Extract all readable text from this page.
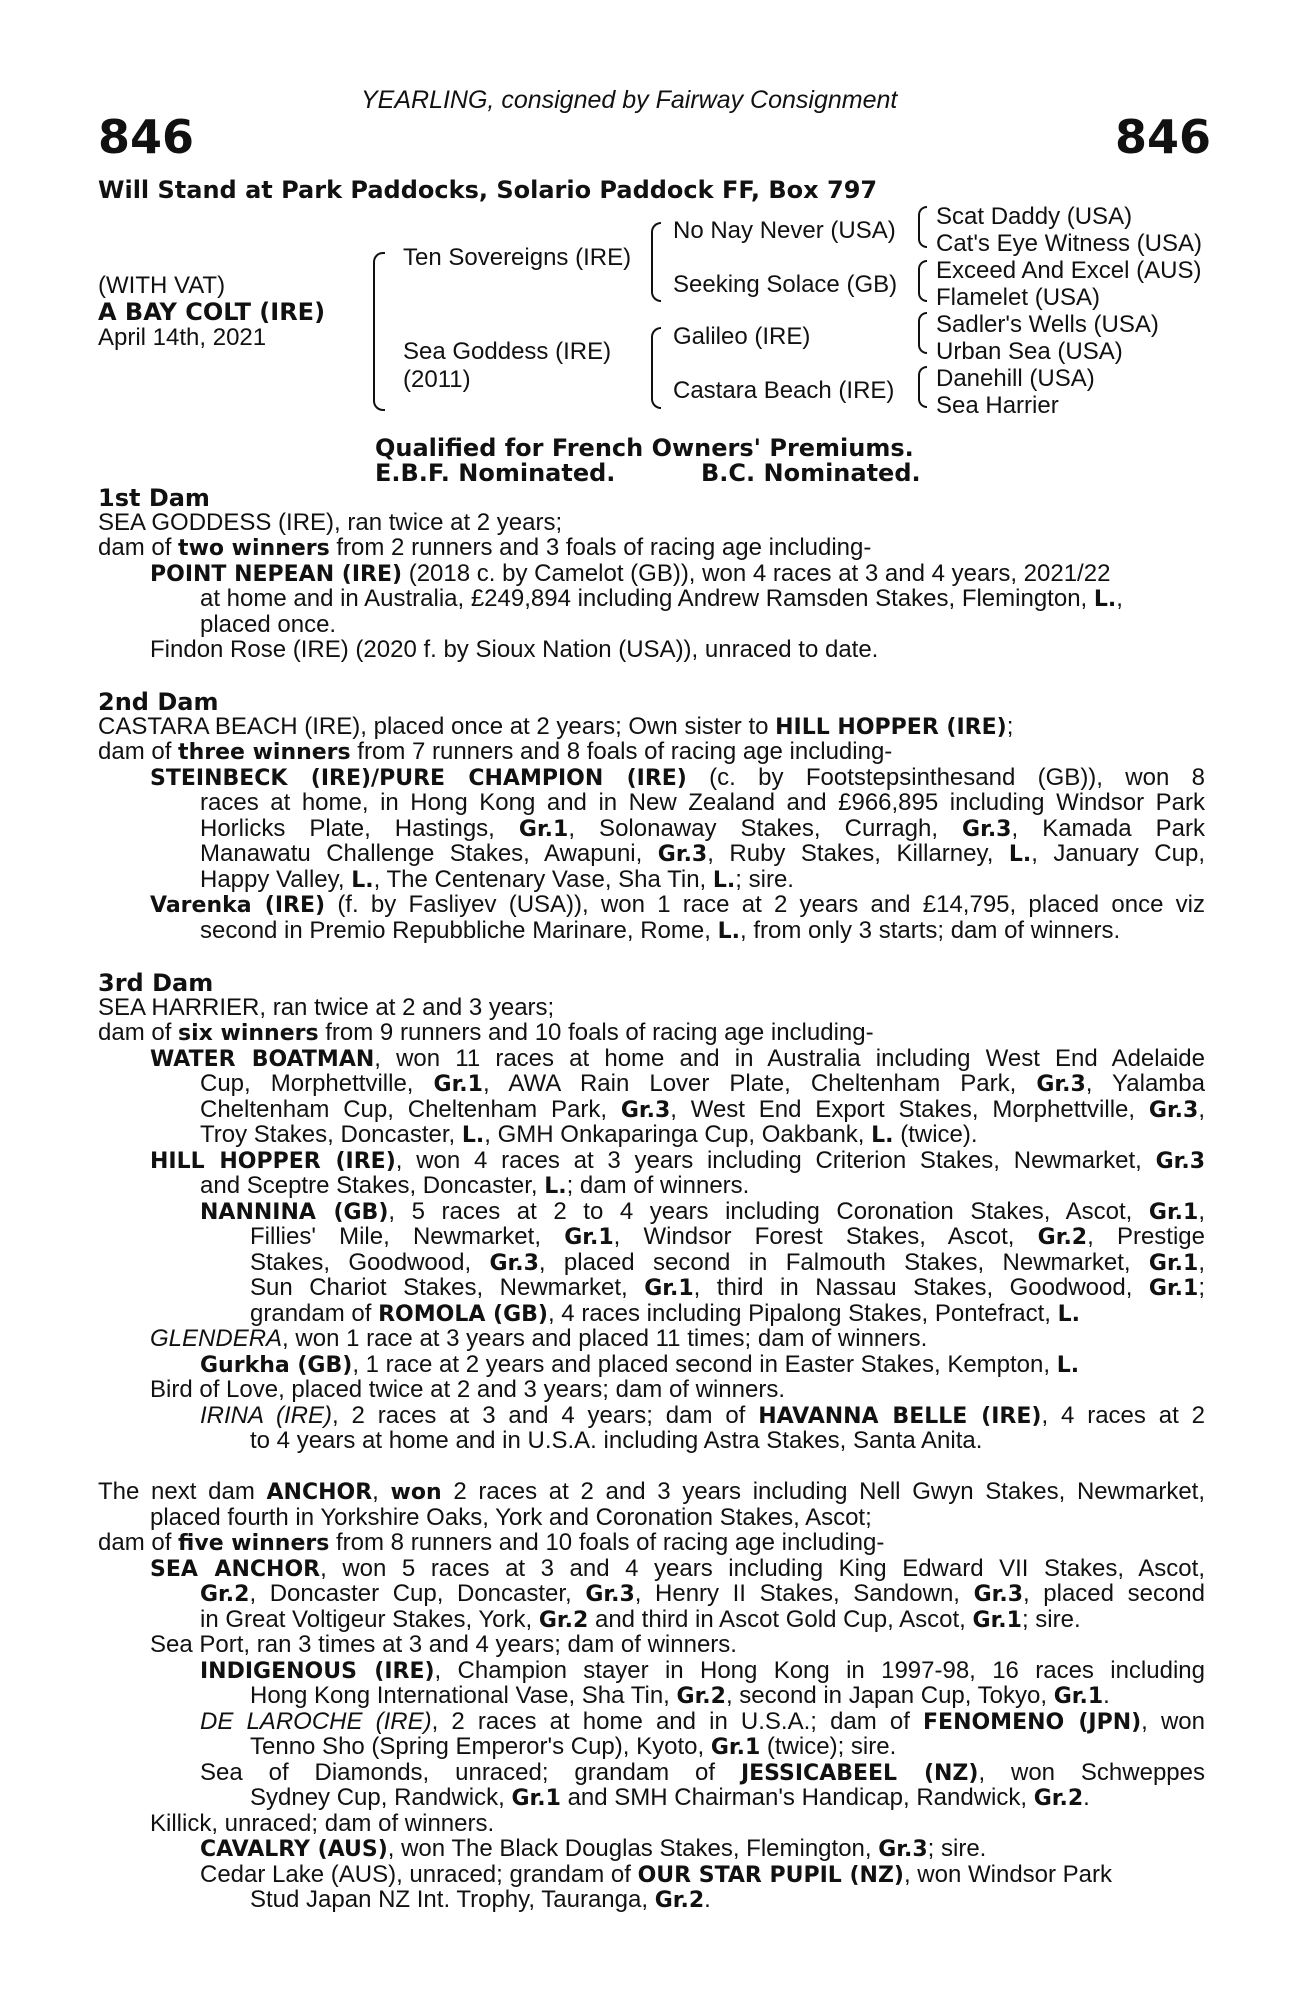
YEARLING, consigned by Fairway Consignment
846	846
Will Stand at Park Paddocks, Solario Paddock FF, Box 797
(WITH VAT)
A BAY COLT (IRE)
April 14th, 2021
Ten Sovereigns (IRE)
Sea Goddess (IRE)
(2011)
No Nay Never (USA)
Seeking Solace (GB)
Galileo (IRE)
Castara Beach (IRE)
Scat Daddy (USA)
Cat's Eye Witness (USA)
Exceed And Excel (AUS)
Flamelet (USA)
Sadler's Wells (USA)
Urban Sea (USA)
Danehill (USA)
Sea Harrier
Qualified for French Owners' Premiums.
E.B.F. Nominated.	B.C. Nominated.
1st Dam
SEA GODDESS (IRE), ran twice at 2 years;
dam of two winners from 2 runners and 3 foals of racing age including-
POINT NEPEAN (IRE) (2018 c. by Camelot (GB)), won 4 races at 3 and 4 years, 2021/22
at home and in Australia, £249,894 including Andrew Ramsden Stakes, Flemington, L.,
placed once.
Findon Rose (IRE) (2020 f. by Sioux Nation (USA)), unraced to date.
2nd Dam
CASTARA BEACH (IRE), placed once at 2 years; Own sister to HILL HOPPER (IRE);
dam of three winners from 7 runners and 8 foals of racing age including-
STEINBECK (IRE)/PURE CHAMPION (IRE) (c. by Footstepsinthesand (GB)), won 8
races at home, in Hong Kong and in New Zealand and £966,895 including Windsor Park
Horlicks Plate, Hastings, Gr.1, Solonaway Stakes, Curragh, Gr.3, Kamada Park
Manawatu Challenge Stakes, Awapuni, Gr.3, Ruby Stakes, Killarney, L., January Cup,
Happy Valley, L., The Centenary Vase, Sha Tin, L.; sire.
Varenka (IRE) (f. by Fasliyev (USA)), won 1 race at 2 years and £14,795, placed once viz
second in Premio Repubbliche Marinare, Rome, L., from only 3 starts; dam of winners.
3rd Dam
SEA HARRIER, ran twice at 2 and 3 years;
dam of six winners from 9 runners and 10 foals of racing age including-
WATER BOATMAN, won 11 races at home and in Australia including West End Adelaide
Cup, Morphettville, Gr.1, AWA Rain Lover Plate, Cheltenham Park, Gr.3, Yalamba
Cheltenham Cup, Cheltenham Park, Gr.3, West End Export Stakes, Morphettville, Gr.3,
Troy Stakes, Doncaster, L., GMH Onkaparinga Cup, Oakbank, L. (twice).
HILL HOPPER (IRE), won 4 races at 3 years including Criterion Stakes, Newmarket, Gr.3
and Sceptre Stakes, Doncaster, L.; dam of winners.
NANNINA (GB), 5 races at 2 to 4 years including Coronation Stakes, Ascot, Gr.1,
Fillies' Mile, Newmarket, Gr.1, Windsor Forest Stakes, Ascot, Gr.2, Prestige
Stakes, Goodwood, Gr.3, placed second in Falmouth Stakes, Newmarket, Gr.1,
Sun Chariot Stakes, Newmarket, Gr.1, third in Nassau Stakes, Goodwood, Gr.1;
grandam of ROMOLA (GB), 4 races including Pipalong Stakes, Pontefract, L.
GLENDERA, won 1 race at 3 years and placed 11 times; dam of winners.
Gurkha (GB), 1 race at 2 years and placed second in Easter Stakes, Kempton, L.
Bird of Love, placed twice at 2 and 3 years; dam of winners.
IRINA (IRE), 2 races at 3 and 4 years; dam of HAVANNA BELLE (IRE), 4 races at 2
to 4 years at home and in U.S.A. including Astra Stakes, Santa Anita.
The next dam ANCHOR, won 2 races at 2 and 3 years including Nell Gwyn Stakes, Newmarket,
placed fourth in Yorkshire Oaks, York and Coronation Stakes, Ascot;
dam of five winners from 8 runners and 10 foals of racing age including-
SEA ANCHOR, won 5 races at 3 and 4 years including King Edward VII Stakes, Ascot,
Gr.2, Doncaster Cup, Doncaster, Gr.3, Henry II Stakes, Sandown, Gr.3, placed second
in Great Voltigeur Stakes, York, Gr.2 and third in Ascot Gold Cup, Ascot, Gr.1; sire.
Sea Port, ran 3 times at 3 and 4 years; dam of winners.
INDIGENOUS (IRE), Champion stayer in Hong Kong in 1997-98, 16 races including
Hong Kong International Vase, Sha Tin, Gr.2, second in Japan Cup, Tokyo, Gr.1.
DE LAROCHE (IRE), 2 races at home and in U.S.A.; dam of FENOMENO (JPN), won
Tenno Sho (Spring Emperor's Cup), Kyoto, Gr.1 (twice); sire.
Sea of Diamonds, unraced; grandam of JESSICABEEL (NZ), won Schweppes
Sydney Cup, Randwick, Gr.1 and SMH Chairman's Handicap, Randwick, Gr.2.
Killick, unraced; dam of winners.
CAVALRY (AUS), won The Black Douglas Stakes, Flemington, Gr.3; sire.
Cedar Lake (AUS), unraced; grandam of OUR STAR PUPIL (NZ), won Windsor Park
Stud Japan NZ Int. Trophy, Tauranga, Gr.2.
